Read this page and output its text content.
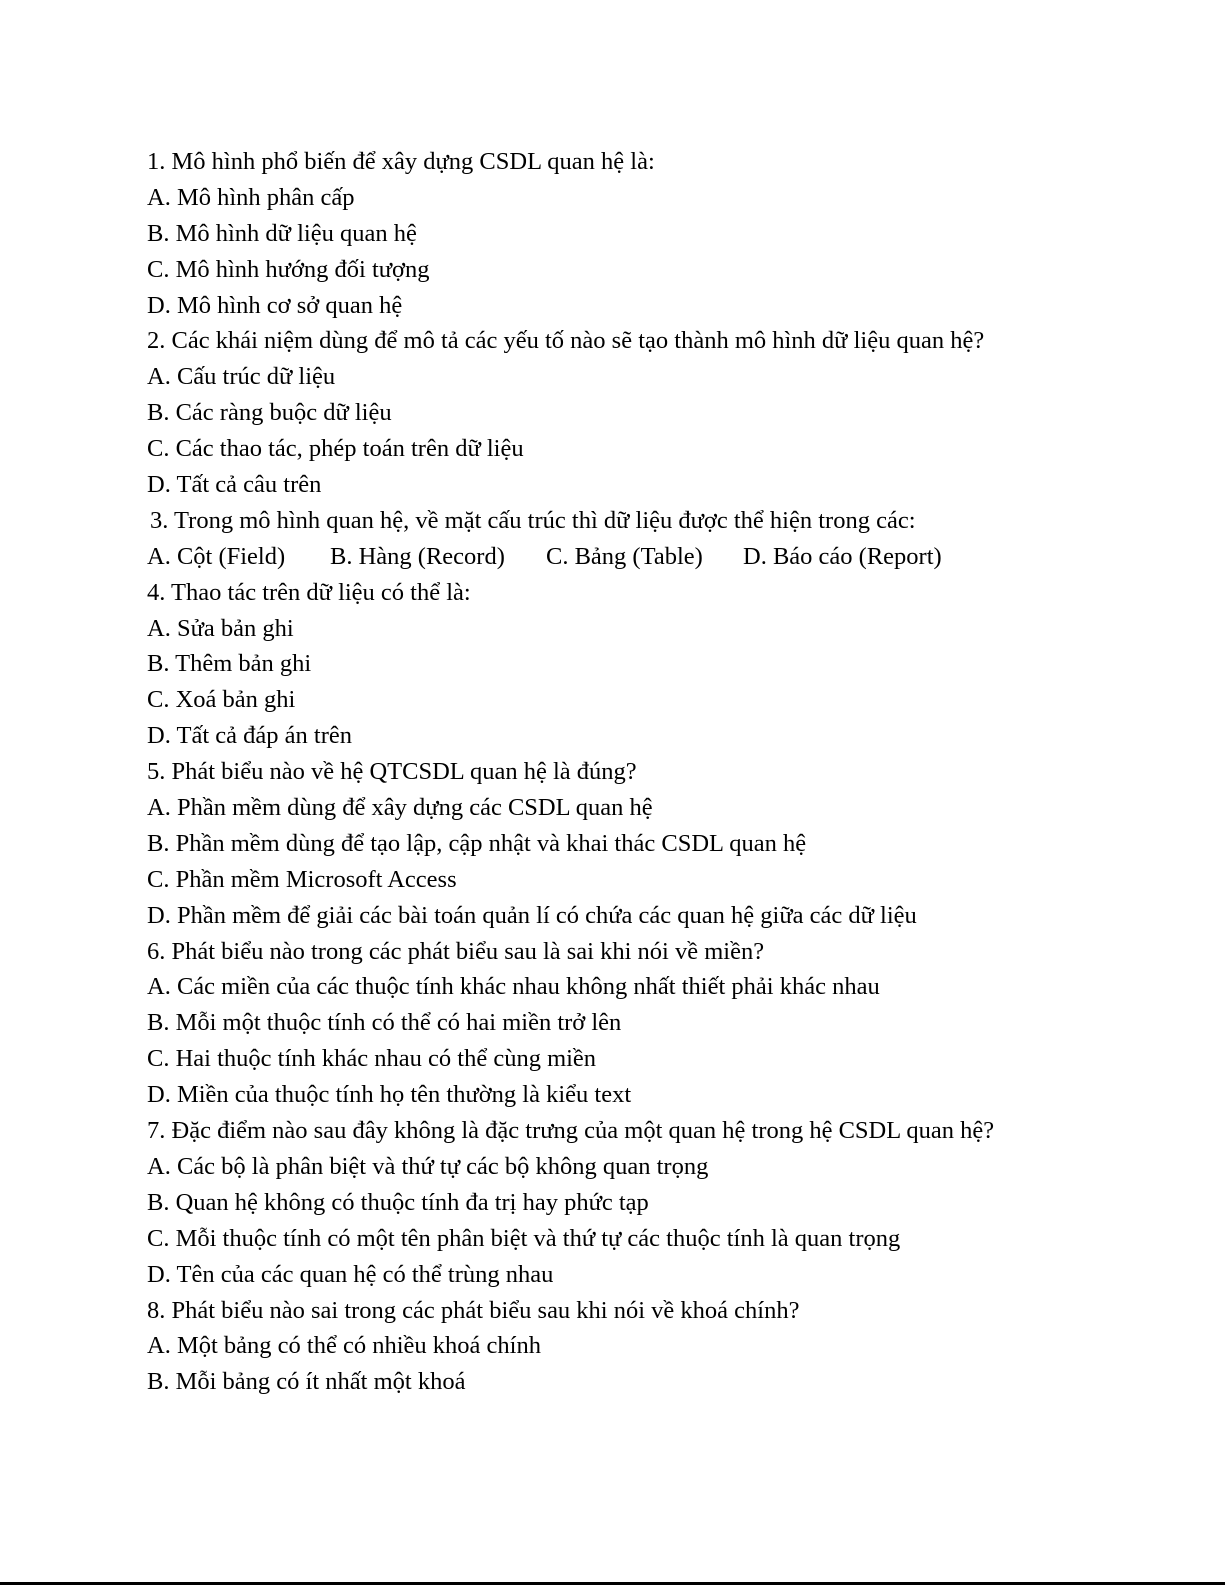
1. Mô hình phổ biến để xây dựng CSDL quan hệ là:
A. Mô hình phân cấp
B. Mô hình dữ liệu quan hệ
C. Mô hình hướng đối tượng
D. Mô hình cơ sở quan hệ
2. Các khái niệm dùng để mô tả các yếu tố nào sẽ tạo thành mô hình dữ liệu quan hệ?
A. Cấu trúc dữ liệu
B. Các ràng buộc dữ liệu
C. Các thao tác, phép toán trên dữ liệu
D. Tất cả câu trên
3. Trong mô hình quan hệ, về mặt cấu trúc thì dữ liệu được thể hiện trong các:
A. Cột (Field) B. Hàng (Record) C. Bảng (Table) D. Báo cáo (Report)
4. Thao tác trên dữ liệu có thể là:
A. Sửa bản ghi
B. Thêm bản ghi
C. Xoá bản ghi
D. Tất cả đáp án trên
5. Phát biểu nào về hệ QTCSDL quan hệ là đúng?
A. Phần mềm dùng để xây dựng các CSDL quan hệ
B. Phần mềm dùng để tạo lập, cập nhật và khai thác CSDL quan hệ
C. Phần mềm Microsoft Access
D. Phần mềm để giải các bài toán quản lí có chứa các quan hệ giữa các dữ liệu
6. Phát biểu nào trong các phát biểu sau là sai khi nói về miền?
A. Các miền của các thuộc tính khác nhau không nhất thiết phải khác nhau
B. Mỗi một thuộc tính có thể có hai miền trở lên
C. Hai thuộc tính khác nhau có thể cùng miền
D. Miền của thuộc tính họ tên thường là kiểu text
7. Đặc điểm nào sau đây không là đặc trưng của một quan hệ trong hệ CSDL quan hệ?
A. Các bộ là phân biệt và thứ tự các bộ không quan trọng
B. Quan hệ không có thuộc tính đa trị hay phức tạp
C. Mỗi thuộc tính có một tên phân biệt và thứ tự các thuộc tính là quan trọng
D. Tên của các quan hệ có thể trùng nhau
8. Phát biểu nào sai trong các phát biểu sau khi nói về khoá chính?
A. Một bảng có thể có nhiều khoá chính
B. Mỗi bảng có ít nhất một khoá
